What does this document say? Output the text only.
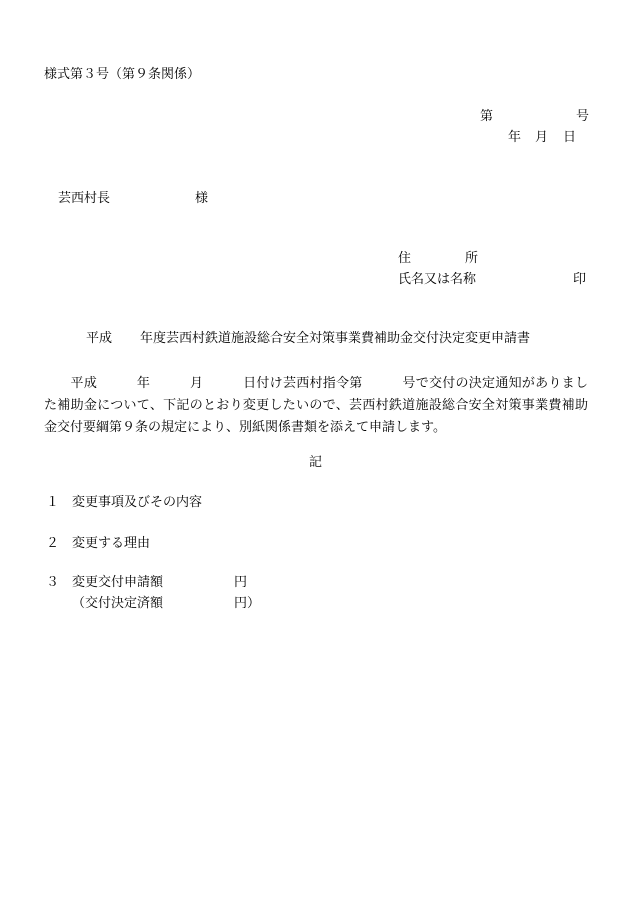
様式第３号（第９条関係）
第	号
年 月 日
芸西村長	様
住	所
氏名又は名称	印
平成 年度芸西村鉄道施設総合安全対策事業費補助金交付決定変更申請書
　　平成　　　	年　　　	月　　　	日付け芸西村指令第　　　	号で交付の決定通知がありました補助金について、下記のとおり変更したいので、芸西村鉄道施設総合安全対策事業費補助金交付要綱第９条の規定により、別紙関係書類を添えて申請します。
記
１ 変更事項及びその内容
２ 変更する理由
３ 変更交付申請額	円
（交付決定済額	円）
